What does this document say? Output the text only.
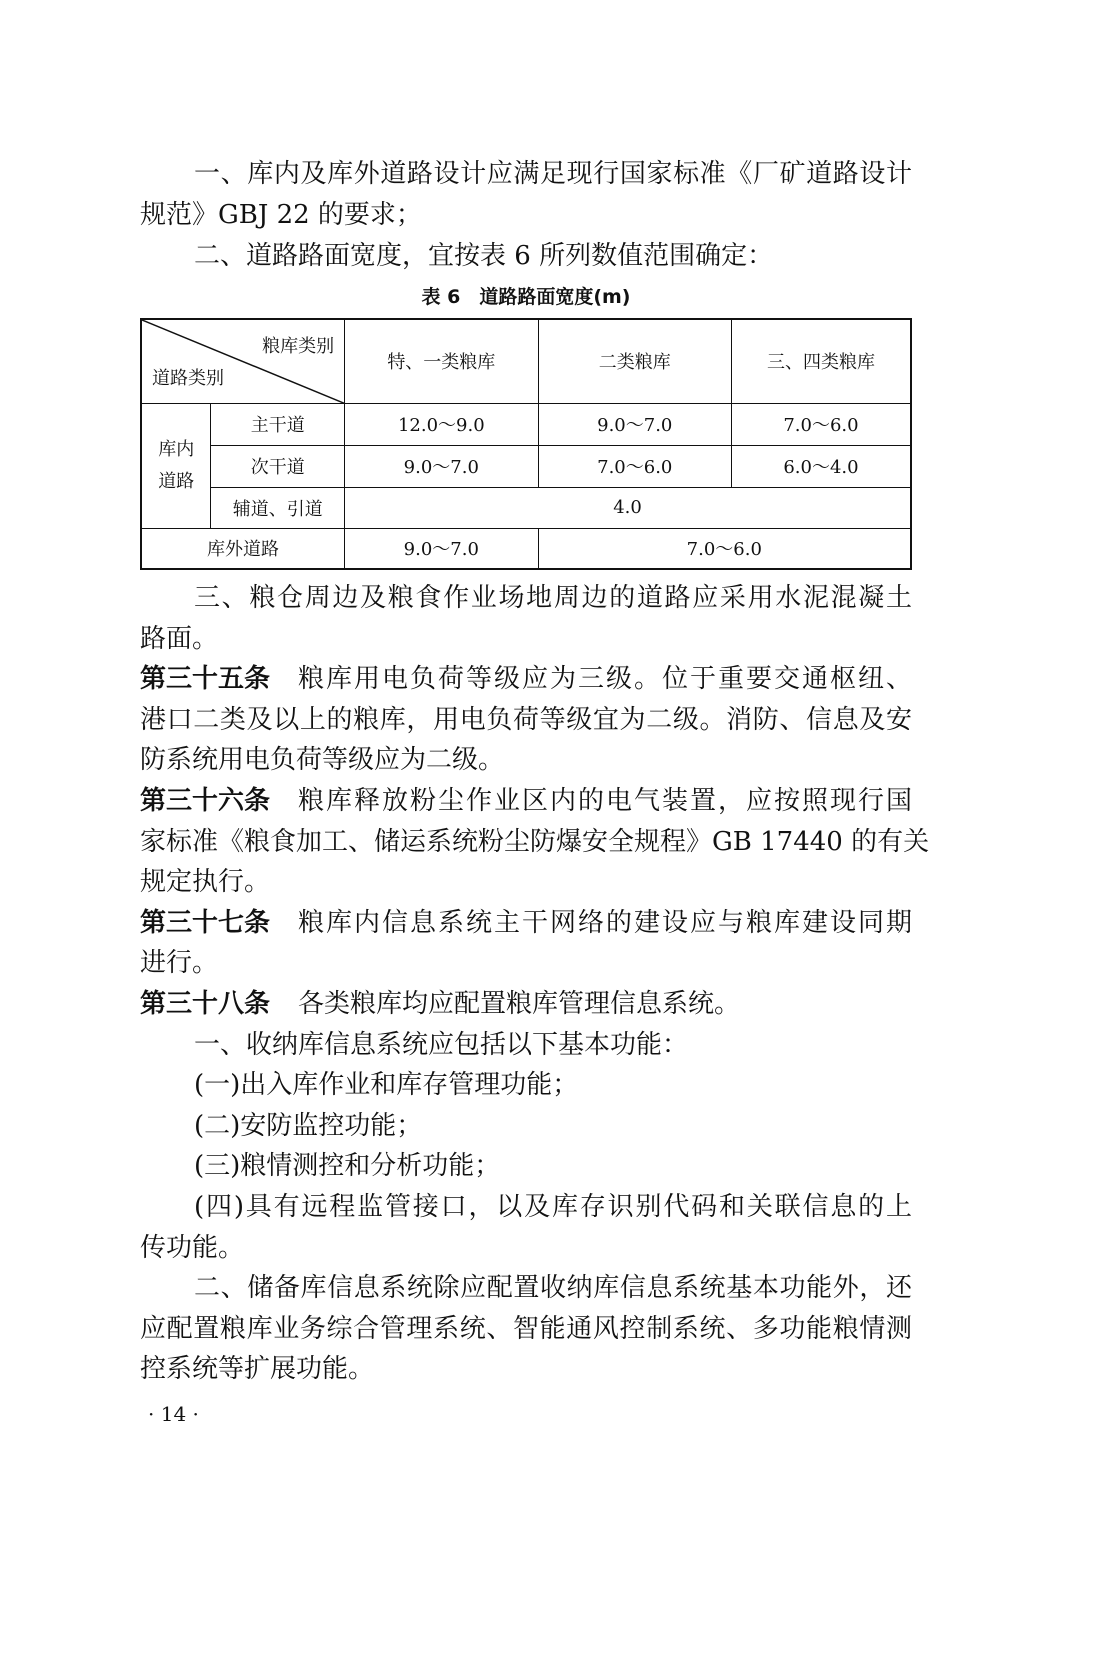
一、库内及库外道路设计应满足现行国家标准《厂矿道路设计
规范》GBJ 22 的要求；
二、道路路面宽度，宜按表 6 所列数值范围确定：
表 6　道路路面宽度(m)
粮库类别
道路类别		特、一类粮库	二类粮库	三、四类粮库
库内道路	主干道	12.0～9.0	9.0～7.0	7.0～6.0
	次干道	9.0～7.0	7.0～6.0	6.0～4.0
	辅道、引道	4.0		
库外道路		9.0～7.0	7.0～6.0	
三、粮仓周边及粮食作业场地周边的道路应采用水泥混凝土
路面。
第三十五条 粮库用电负荷等级应为三级。位于重要交通枢纽、
港口二类及以上的粮库，用电负荷等级宜为二级。消防、信息及安
防系统用电负荷等级应为二级。
第三十六条 粮库释放粉尘作业区内的电气装置，应按照现行国
家标准《粮食加工、储运系统粉尘防爆安全规程》GB 17440 的有关
规定执行。
第三十七条 粮库内信息系统主干网络的建设应与粮库建设同期
进行。
第三十八条 各类粮库均应配置粮库管理信息系统。
一、收纳库信息系统应包括以下基本功能：
(一)出入库作业和库存管理功能；
(二)安防监控功能；
(三)粮情测控和分析功能；
(四)具有远程监管接口，以及库存识别代码和关联信息的上
传功能。
二、储备库信息系统除应配置收纳库信息系统基本功能外，还
应配置粮库业务综合管理系统、智能通风控制系统、多功能粮情测
控系统等扩展功能。
· 14 ·
